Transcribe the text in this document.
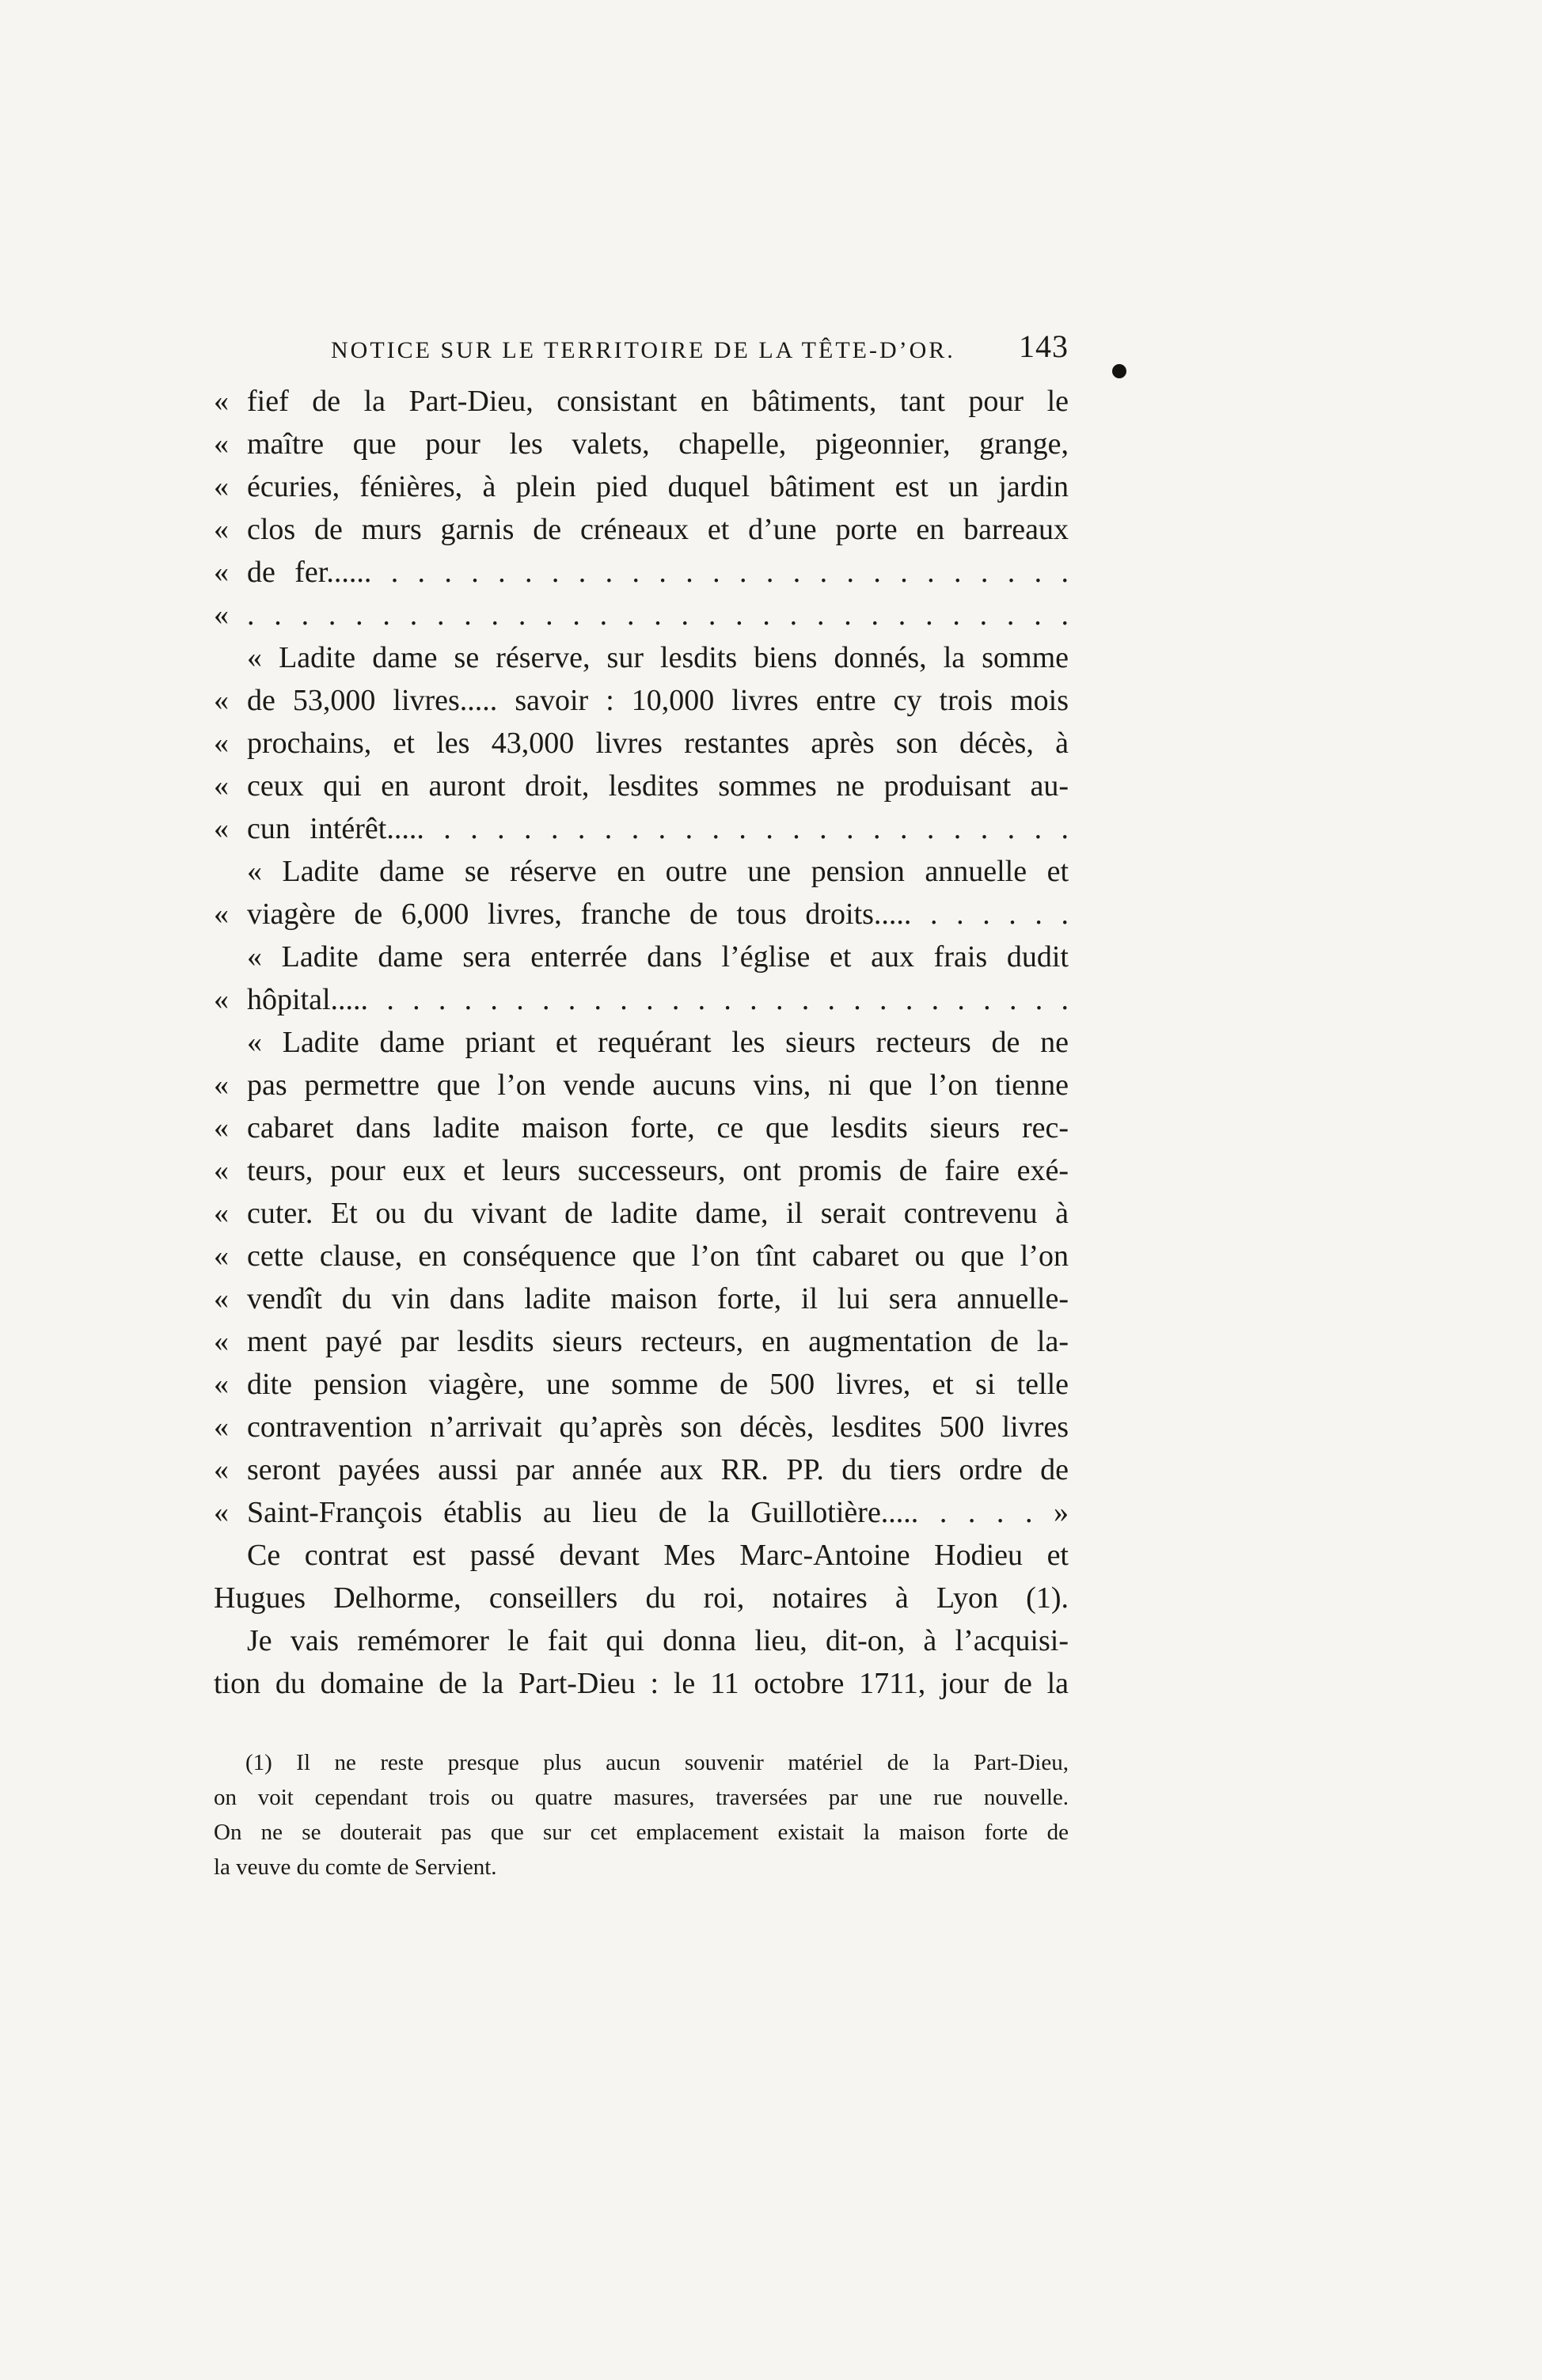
NOTICE SUR LE TERRITOIRE DE LA TÊTE-D’OR. 143
« fief de la Part-Dieu, consistant en bâtiments, tant pour le
« maître que pour les valets, chapelle, pigeonnier, grange,
« écuries, fénières, à plein pied duquel bâtiment est un jardin
« clos de murs garnis de créneaux et d’une porte en barreaux
« de fer...... . . . . . . . . . . . . . . . . . . . . . . . . . .
« . . . . . . . . . . . . . . . . . . . . . . . . . . . . . . .
« Ladite dame se réserve, sur lesdits biens donnés, la somme
« de 53,000 livres..... savoir : 10,000 livres entre cy trois mois
« prochains, et les 43,000 livres restantes après son décès, à
« ceux qui en auront droit, lesdites sommes ne produisant au-
« cun intérêt..... . . . . . . . . . . . . . . . . . . . . . . . .
« Ladite dame se réserve en outre une pension annuelle et
« viagère de 6,000 livres, franche de tous droits..... . . . . . .
« Ladite dame sera enterrée dans l’église et aux frais dudit
« hôpital..... . . . . . . . . . . . . . . . . . . . . . . . . . . .
« Ladite dame priant et requérant les sieurs recteurs de ne
« pas permettre que l’on vende aucuns vins, ni que l’on tienne
« cabaret dans ladite maison forte, ce que lesdits sieurs rec-
« teurs, pour eux et leurs successeurs, ont promis de faire exé-
« cuter. Et ou du vivant de ladite dame, il serait contrevenu à
« cette clause, en conséquence que l’on tînt cabaret ou que l’on
« vendît du vin dans ladite maison forte, il lui sera annuelle-
« ment payé par lesdits sieurs recteurs, en augmentation de la-
« dite pension viagère, une somme de 500 livres, et si telle
« contravention n’arrivait qu’après son décès, lesdites 500 livres
« seront payées aussi par année aux RR. PP. du tiers ordre de
« Saint-François établis au lieu de la Guillotière..... . . . . »
Ce contrat est passé devant Mes Marc-Antoine Hodieu et
Hugues Delhorme, conseillers du roi, notaires à Lyon (1).
Je vais remémorer le fait qui donna lieu, dit-on, à l’acquisi-
tion du domaine de la Part-Dieu : le 11 octobre 1711, jour de la
(1) Il ne reste presque plus aucun souvenir matériel de la Part-Dieu,
on voit cependant trois ou quatre masures, traversées par une rue nouvelle.
On ne se douterait pas que sur cet emplacement existait la maison forte de
la veuve du comte de Servient.
